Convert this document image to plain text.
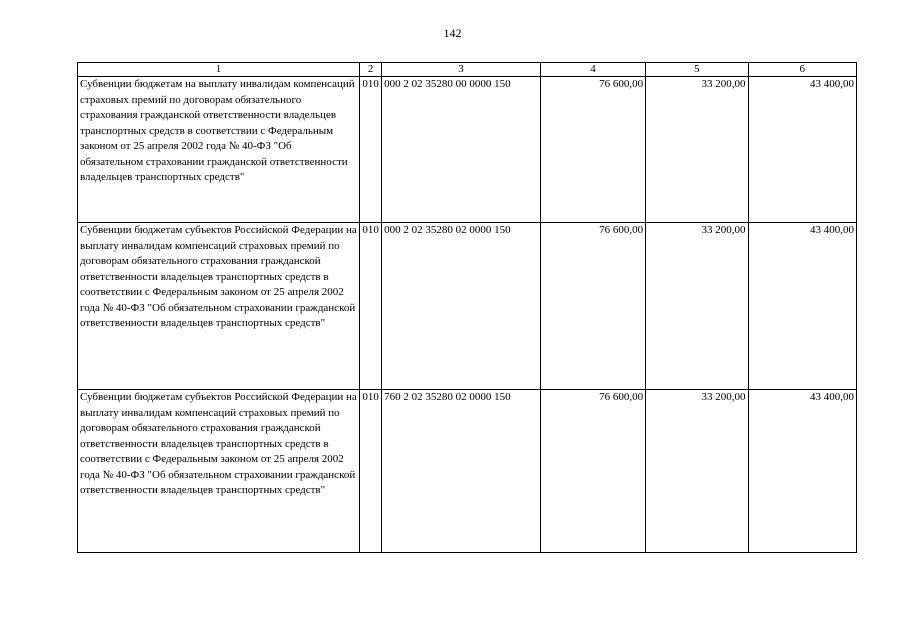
142
1	2	3	4	5	6

Субвенции бюджетам на выплату инвалидам компенсаций страховых премий по договорам обязательного страхования гражданской ответственности владельцев транспортных средств в соответствии с Федеральным законом от 25 апреля 2002 года № 40-ФЗ "Об обязательном страховании гражданской ответственности владельцев транспортных средств"	010	000 2 02 35280 00 0000 150	76 600,00	33 200,00	43 400,00

Субвенции бюджетам субъектов Российской Федерации на выплату инвалидам компенсаций страховых премий по договорам обязательного страхования гражданской ответственности владельцев транспортных средств в соответствии с Федеральным законом от 25 апреля 2002 года № 40-ФЗ "Об обязательном страховании гражданской ответственности владельцев транспортных средств"	010	000 2 02 35280 02 0000 150	76 600,00	33 200,00	43 400,00

Субвенции бюджетам субъектов Российской Федерации на выплату инвалидам компенсаций страховых премий по договорам обязательного страхования гражданской ответственности владельцев транспортных средств в соответствии с Федеральным законом от 25 апреля 2002 года № 40-ФЗ "Об обязательном страховании гражданской ответственности владельцев транспортных средств"	010	760 2 02 35280 02 0000 150	76 600,00	33 200,00	43 400,00
